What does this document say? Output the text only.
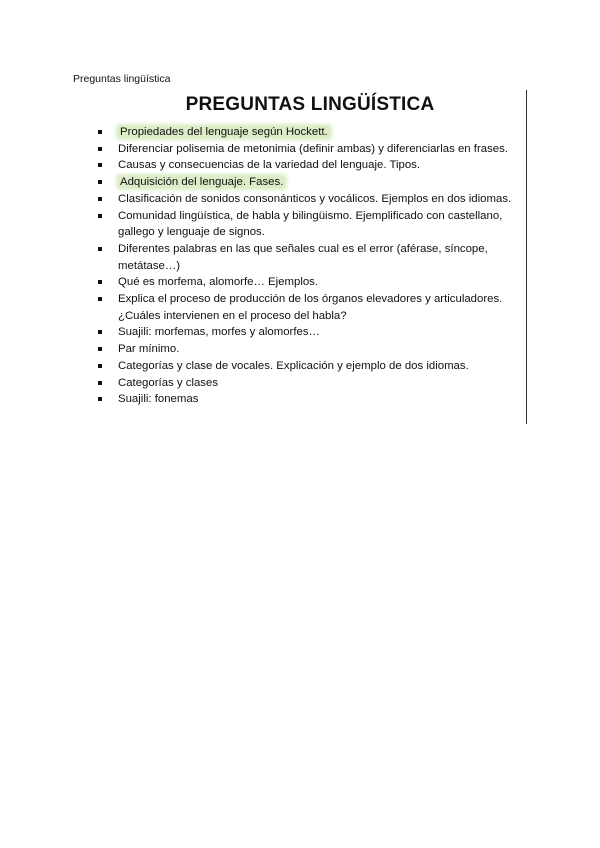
Preguntas lingüística
PREGUNTAS LINGÜÍSTICA
Propiedades del lenguaje según Hockett.
Diferenciar polisemia de metonimia (definir ambas) y diferenciarlas en frases.
Causas y consecuencias de la variedad del lenguaje. Tipos.
Adquisición del lenguaje. Fases.
Clasificación de sonidos consonánticos y vocálicos. Ejemplos en dos idiomas.
Comunidad lingüística, de habla y bilingüismo. Ejemplificado con castellano,
gallego y lenguaje de signos.
Diferentes palabras en las que señales cual es el error (aférase, síncope,
metátase…)
Qué es morfema, alomorfe… Ejemplos.
Explica el proceso de producción de los órganos elevadores y articuladores.
¿Cuáles intervienen en el proceso del habla?
Suajili: morfemas, morfes y alomorfes…
Par mínimo.
Categorías y clase de vocales. Explicación y ejemplo de dos idiomas.
Categorías y clases
Suajili: fonemas
